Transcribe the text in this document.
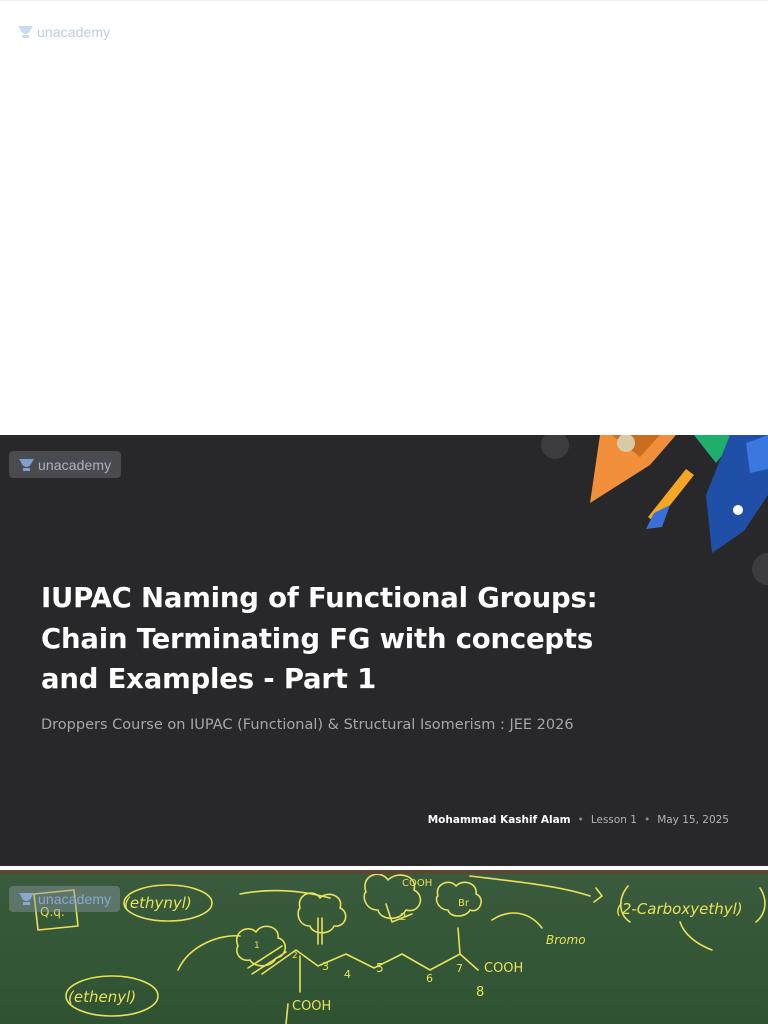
unacademy
unacademy
IUPAC Naming of Functional Groups:
Chain Terminating FG with concepts
and Examples - Part 1
Droppers Course on IUPAC (Functional) & Structural Isomerism : JEE 2026
Mohammad Kashif Alam • Lesson 1 • May 15, 2025
Q.q.	(ethynyl)
(ethenyl)
(2-Carboxyethyl)
Bromo
COOH
COOH
COOH
Br
1
2
3
4 5
6
7
8
2
unacademy
